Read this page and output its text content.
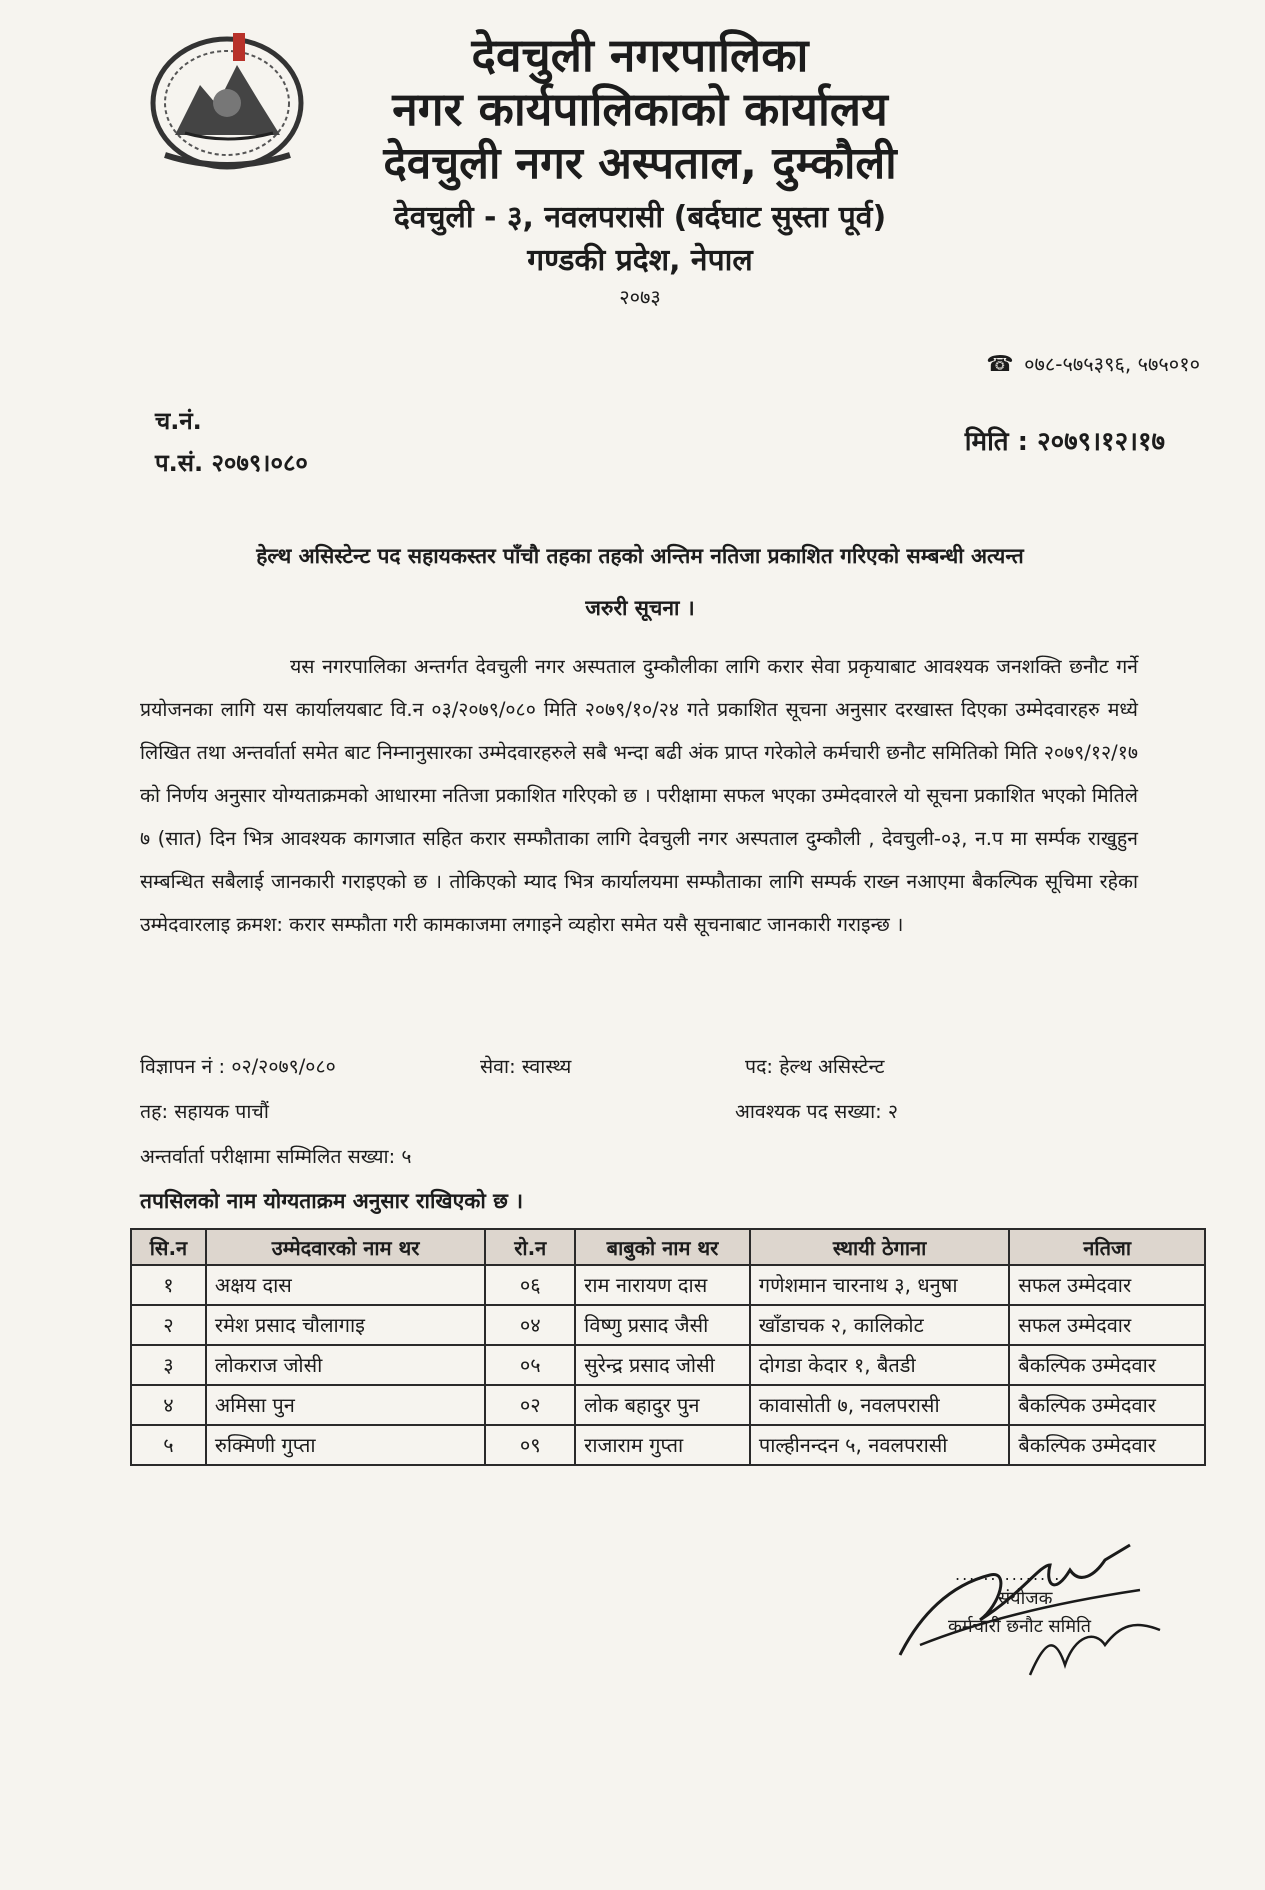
देवचुली नगरपालिका
नगर कार्यपालिकाको कार्यालय
देवचुली नगर अस्पताल, दुम्कौली
देवचुली - ३, नवलपरासी (बर्दघाट सुस्ता पूर्व)
गण्डकी प्रदेश, नेपाल
२०७३
☎ ०७८-५७५३९६, ५७५०१०
च.नं.
प.सं. २०७९।०८०
मिति : २०७९।१२।१७
हेल्थ असिस्टेन्ट पद सहायकस्तर पाँचौ तहका तहको अन्तिम नतिजा प्रकाशित गरिएको सम्बन्धी अत्यन्त
जरुरी सूचना ।
यस नगरपालिका अन्तर्गत देवचुली नगर अस्पताल दुम्कौलीका लागि करार सेवा प्रकृयाबाट आवश्यक जनशक्ति छनौट गर्ने प्रयोजनका लागि यस कार्यालयबाट वि.न ०३/२०७९/०८० मिति २०७९/१०/२४ गते प्रकाशित सूचना अनुसार दरखास्त दिएका उम्मेदवारहरु मध्ये लिखित तथा अन्तर्वार्ता समेत बाट निम्नानुसारका उम्मेदवारहरुले सबै भन्दा बढी अंक प्राप्त गरेकोले कर्मचारी छनौट समितिको मिति २०७९/१२/१७ को निर्णय अनुसार योग्यताक्रमको आधारमा नतिजा प्रकाशित गरिएको छ । परीक्षामा सफल भएका उम्मेदवारले यो सूचना प्रकाशित भएको मितिले ७ (सात) दिन भित्र आवश्यक कागजात सहित करार सम्फौताका लागि देवचुली नगर अस्पताल दुम्कौली , देवचुली-०३, न.प मा सर्म्पक राखुहुन सम्बन्धित सबैलाई जानकारी गराइएको छ । तोकिएको म्याद भित्र कार्यालयमा सम्फौताका लागि सम्पर्क राख्न नआएमा बैकल्पिक सूचिमा रहेका उम्मेदवारलाइ क्रमश: करार सम्फौता गरी कामकाजमा लगाइने व्यहोरा समेत यसै सूचनाबाट जानकारी गराइन्छ ।
विज्ञापन नं : ०२/२०७९/०८०	सेवा: स्वास्थ्य	पद: हेल्थ असिस्टेन्ट
तह: सहायक पाचौं	आवश्यक पद सख्या: २
अन्तर्वार्ता परीक्षामा सम्मिलित सख्या: ५
तपसिलको नाम योग्यताक्रम अनुसार राखिएको छ ।
सि.न	उम्मेदवारको नाम थर	रो.न	बाबुको नाम थर	स्थायी ठेगाना	नतिजा
१	अक्षय दास	०६	राम नारायण दास	गणेशमान चारनाथ ३, धनुषा	सफल उम्मेदवार
२	रमेश प्रसाद चौलागाइ	०४	विष्णु प्रसाद जैसी	खाँडाचक २, कालिकोट	सफल उम्मेदवार
३	लोकराज जोसी	०५	सुरेन्द्र प्रसाद जोसी	दोगडा केदार १, बैतडी	बैकल्पिक उम्मेदवार
४	अमिसा पुन	०२	लोक बहादुर पुन	कावासोती ७, नवलपरासी	बैकल्पिक उम्मेदवार
५	रुक्मिणी गुप्ता	०९	राजाराम गुप्ता	पाल्हीनन्दन ५, नवलपरासी	बैकल्पिक उम्मेदवार
...............
संयोजक
कर्मचारी छनौट समिति
